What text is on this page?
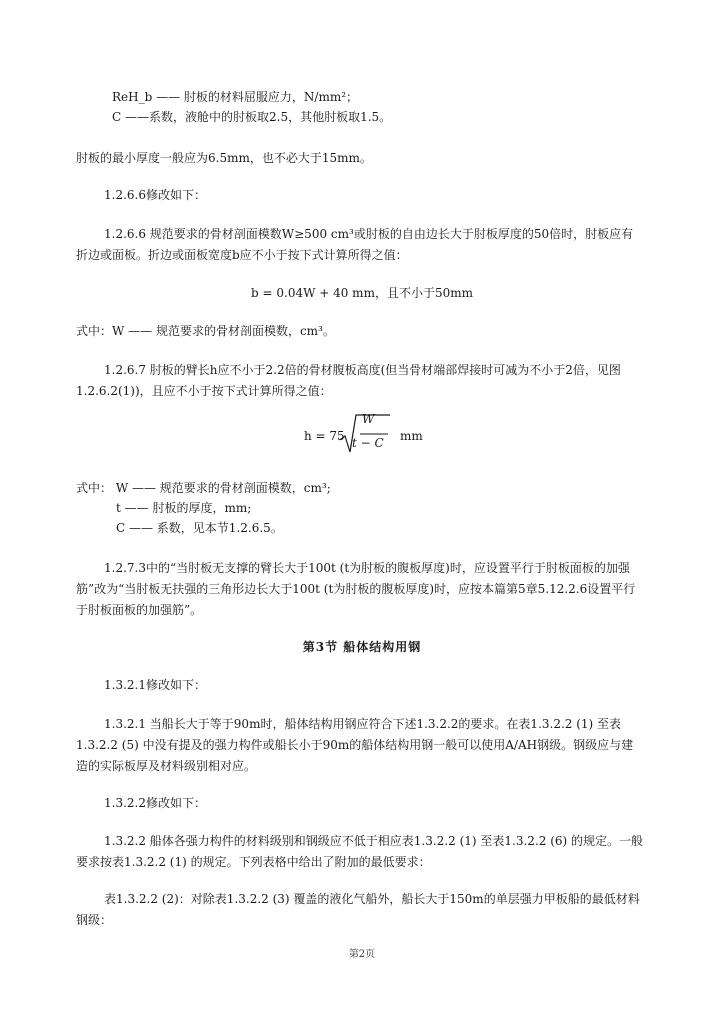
ReH_b —— 肘板的材料屈服应力，N/mm²；
C ——系数，液舱中的肘板取2.5，其他肘板取1.5。
肘板的最小厚度一般应为6.5mm，也不必大于15mm。
1.2.6.6修改如下：
1.2.6.6 规范要求的骨材剖面模数W≥500 cm³或肘板的自由边长大于肘板厚度的50倍时，肘板应有
折边或面板。折边或面板宽度b应不小于按下式计算所得之值：
b = 0.04W + 40 mm，且不小于50mm
式中：W —— 规范要求的骨材剖面模数，cm³。
1.2.6.7 肘板的臂长h应不小于2.2倍的骨材腹板高度(但当骨材端部焊接时可减为不小于2倍，见图
1.2.6.2(1))，且应不小于按下式计算所得之值：
h = 75
W
t − C mm
式中： W —— 规范要求的骨材剖面模数，cm³;
t —— 肘板的厚度，mm;
C —— 系数，见本节1.2.6.5。
1.2.7.3中的“当肘板无支撑的臂长大于100t (t为肘板的腹板厚度)时，应设置平行于肘板面板的加强
筋”改为“当肘板无扶强的三角形边长大于100t (t为肘板的腹板厚度)时，应按本篇第5章5.12.2.6设置平行
于肘板面板的加强筋”。
第3节 船体结构用钢
1.3.2.1修改如下：
1.3.2.1 当船长大于等于90m时，船体结构用钢应符合下述1.3.2.2的要求。在表1.3.2.2 (1) 至表
1.3.2.2 (5) 中没有提及的强力构件或船长小于90m的船体结构用钢一般可以使用A/AH钢级。钢级应与建
造的实际板厚及材料级别相对应。
1.3.2.2修改如下：
1.3.2.2 船体各强力构件的材料级别和钢级应不低于相应表1.3.2.2 (1) 至表1.3.2.2 (6) 的规定。一般
要求按表1.3.2.2 (1) 的规定。下列表格中给出了附加的最低要求：
表1.3.2.2 (2)：对除表1.3.2.2 (3) 覆盖的液化气船外，船长大于150m的单层强力甲板船的最低材料
钢级：
第2页
